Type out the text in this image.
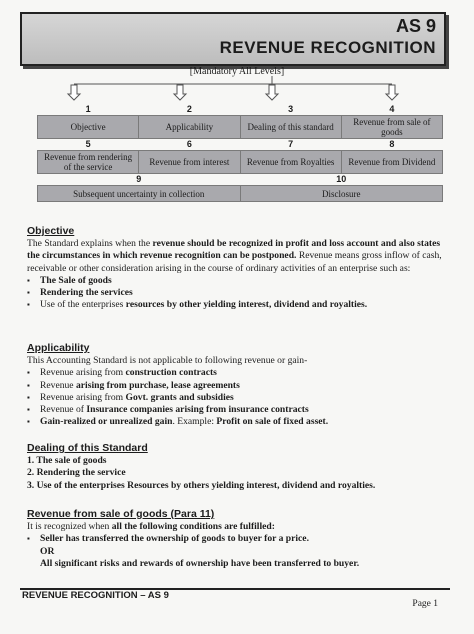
AS 9
REVENUE RECOGNITION
[Mandatory All Levels]
1	2	3	4
Objective	Applicability	Dealing of this standard	Revenue from sale of goods
5	6	7	8
Revenue from rendering of the service	Revenue from interest	Revenue from Royalties	Revenue from Dividend
9		10	
Subsequent uncertainty in collection		Disclosure	
Objective

The Standard explains when the revenue should be recognized in profit and loss account and also states the circumstances in which revenue recognition can be postponed. Revenue means gross inflow of cash, receivable or other consideration arising in the course of ordinary activities of an enterprise such as:

▪ The Sale of goods
▪ Rendering the services
▪ Use of the enterprises resources by other yielding interest, dividend and royalties.
Applicability

This Accounting Standard is not applicable to following revenue or gain-

▪ Revenue arising from construction contracts
▪ Revenue arising from purchase, lease agreements
▪ Revenue arising from Govt. grants and subsidies
▪ Revenue of Insurance companies arising from insurance contracts
▪ Gain-realized or unrealized gain. Example: Profit on sale of fixed asset.
Dealing of this Standard
1. The sale of goods
2. Rendering the service
3. Use of the enterprises Resources by others yielding interest, dividend and royalties.
Revenue from sale of goods (Para 11)

It is recognized when all the following conditions are fulfilled:

▪ Seller has transferred the ownership of goods to buyer for a price.
OR
All significant risks and rewards of ownership have been transferred to buyer.
REVENUE RECOGNITION – AS 9
Page 1
